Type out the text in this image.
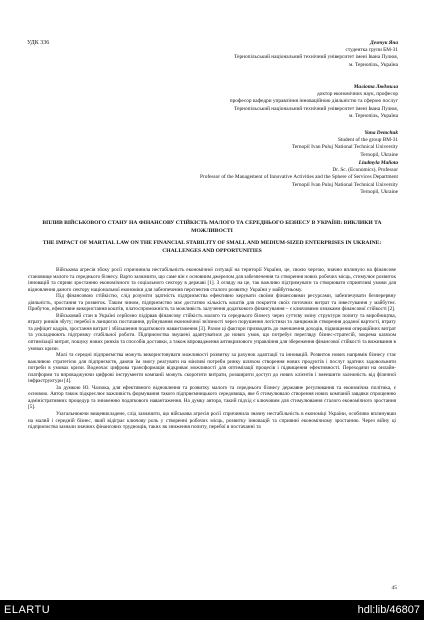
УДК 336	Демчук Яна
студентка групи БМ-31
Тернопільський національний технічний університет імені Івана Пулюя,
м. Тернопіль, Україна
Маліота Людмила
доктор економічних наук, професор
професор кафедри управління інноваційною діяльністю та сферою послуг
Тернопільський національний технічний університет імені Івана Пулюя,
м. Тернопіль, Україна
Yana Demchuk
Student of the group BM-31
Ternopil Ivan Puluj National Technical University
Ternopil, Ukraine
Liudmyla Maliota
Dr. Sc. (Economics), Professor
Professor of the Management of Innovative Activities and the Sphere of Services Department
Ternopil Ivan Puluj National Technical University
Ternopil, Ukraine
ВПЛИВ ВІЙСЬКОВОГО СТАНУ НА ФІНАНСОВУ СТІЙКІСТЬ МАЛОГО ТА СЕРЕДНЬОГО БІЗНЕСУ В УКРАЇНІ: ВИКЛИКИ ТА МОЖЛИВОСТІ
THE IMPACT OF MARTIAL LAW ON THE FINANCIAL STABILITY OF SMALL AND MEDIUM-SIZED ENTERPRISES IN UKRAINE: CHALLENGES AND OPPORTUNITIES

Військова агресія збоку росії спричинила нестабільність економічної ситуації на території України, це, своєю чергою, значно вплинуло на фінансове становище малого та середнього бізнесу. Варто зазначити, що саме він є основним джерелом для забезпечення та створення нових робочих місць, стимулює розвиток інновацій та сприяє зростанню економічного та соціального сектору в державі [1]. З огляду на це, так важливо підтримувати та створювати сприятливі умови для відновлення даного сектору національної економіки для забезпечення перспектив сталого розвитку України у майбутньому.

Під фінансовою стійкістю, слід розуміти здатність підприємства ефективно керувати своїми фінансовими ресурсами, забезпечувати безперервну діяльність, зростання та розвиток. Таким чином, підприємство має достатню кількість коштів для покриття своїх поточних витрат та інвестування у майбутнє. Прибуток, ефективне використання коштів, платоспроможність та можливість залучення додаткового фінансування – є ключовими ознаками фінансової стійкості [2].

Військовий стан в Україні серйозно підірвав фінансову стійкість малого та середнього бізнесу через суттєву зміну структури попиту та виробництва, втрату ринків збуту; перебої в ланцюгах постачання, руйнування економічної зв'язності через порушення логістики та ланцюжків створення доданої вартості, втрату та дефіцит кадрів, зростання витрат і збільшення податкового навантаження [3]. Разом ці фактори призводять до зменшення доходів, підвищення операційних витрат та ускладнюють підтримку стабільної роботи. Підприємства змушені адаптуватися до нових умов, що потребує перегляду бізнес-стратегій, зокрема шляхом оптимізації витрат, пошуку нових ринків та способів доставки, а також впровадження антикризового управління для збереження фінансової стійкості та виживання в умовах кризи.

Малі та середні підприємства можуть використовувати можливості розвитку за рахунок адаптації та інновацій. Розвиток нових напрямів бізнесу стає важливою стратегією для підприємств, даючи їм змогу реагувати на мінливі потреби ринку шляхом створення нових продуктів і послуг здатних задовольняти потреби в умовах кризи. Водночас цифрова трансформація відкриває можливості для оптимізації процесів і підвищення ефективності. Переходячи на онлайн-платформи та впроваджуючи цифрові інструменти компанії можуть скоротити витрати, розширити доступ до нових клієнтів і зменшити залежність від фізичної інфраструктури [4].

За думкою Ю. Чалюка, для ефективного відновлення та розвитку малого та середнього бізнесу державне регулювання та економічна політика, є основою. Автор також підкреслює важливість формування такого підприємницького середовища, яке б стимулювало створення нових компаній завдяки спрощенню адміністративних процедур та зниженню податкового навантаження. На думку автора, такий підхід є ключовим для стимулювання сталого економічного зростання [5].

Узагальнюючи вищевикладене, слід зазначити, що військова агресія росії спричинила значну нестабільність в економіці України, особливо вплинувши на малий і середній бізнес, який відіграє ключову роль у створенні робочих місць, розвитку інновацій та сприянні економічному зростанню. Через війну ці підприємства зазнали значних фінансових труднощів, таких як зниження попиту, перебої в постачанні та

45
ELARTU	hdl:lib/46807
